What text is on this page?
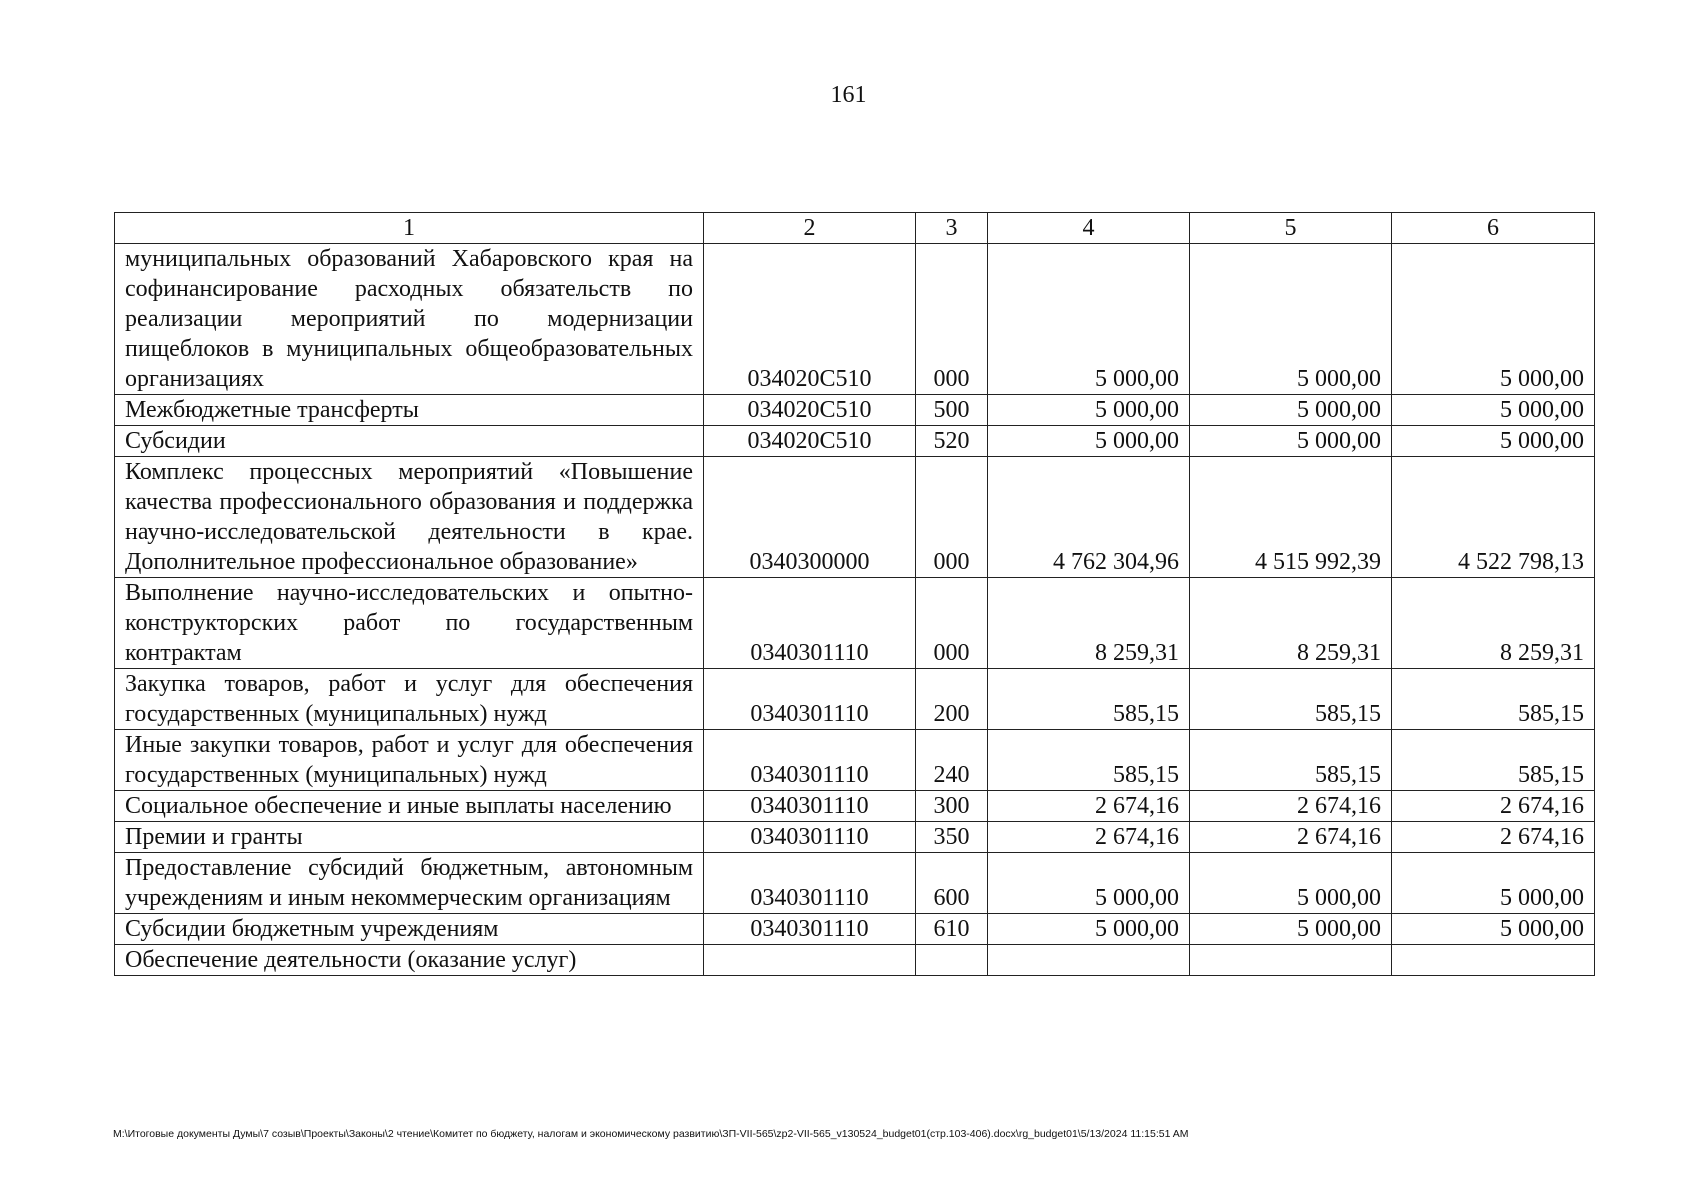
161
1	2	3	4	5	6
муниципальных образований Хабаровского края на софинансирование расходных обязательств по реализации мероприятий по модернизации пищеблоков в муниципальных общеобразовательных организациях	034020С510	000	5 000,00	5 000,00	5 000,00
Межбюджетные трансферты	034020С510	500	5 000,00	5 000,00	5 000,00
Субсидии	034020С510	520	5 000,00	5 000,00	5 000,00
Комплекс процессных мероприятий «Повышение качества профессионального образования и поддержка научно-исследовательской деятельности в крае. Дополнительное профессиональное образование»	0340300000	000	4 762 304,96	4 515 992,39	4 522 798,13
Выполнение научно-исследовательских и опытно-конструкторских работ по государственным контрактам	0340301110	000	8 259,31	8 259,31	8 259,31
Закупка товаров, работ и услуг для обеспечения государственных (муниципальных) нужд	0340301110	200	585,15	585,15	585,15
Иные закупки товаров, работ и услуг для обеспечения государственных (муниципальных) нужд	0340301110	240	585,15	585,15	585,15
Социальное обеспечение и иные выплаты населению	0340301110	300	2 674,16	2 674,16	2 674,16
Премии и гранты	0340301110	350	2 674,16	2 674,16	2 674,16
Предоставление субсидий бюджетным, автономным учреждениям и иным некоммерческим организациям	0340301110	600	5 000,00	5 000,00	5 000,00
Субсидии бюджетным учреждениям	0340301110	610	5 000,00	5 000,00	5 000,00
Обеспечение деятельности (оказание услуг)					
M:\Итоговые документы Думы\7 созыв\Проекты\Законы\2 чтение\Комитет по бюджету, налогам и экономическому развитию\ЗП-VII-565\zp2-VII-565_v130524_budget01(стр.103-406).docx\rg_budget01\5/13/2024 11:15:51 AM
